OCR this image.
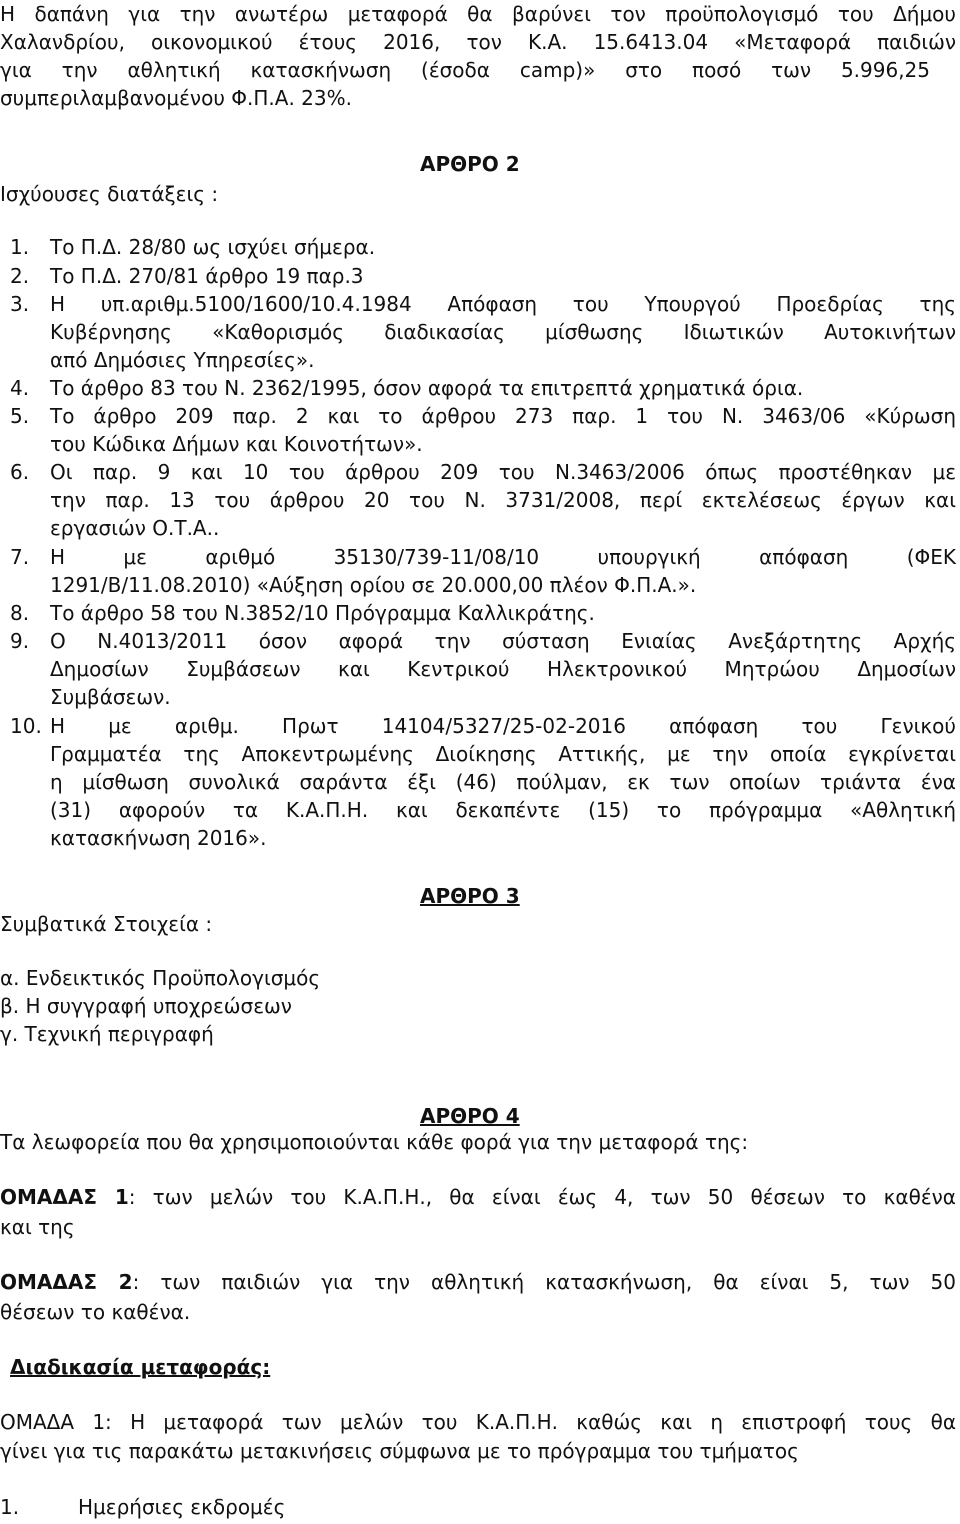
Η δαπάνη για την ανωτέρω μεταφορά θα βαρύνει τον προϋπολογισμό του Δήμου
Χαλανδρίου, οικονομικού έτους 2016, τον Κ.Α. 15.6413.04 «Μεταφορά παιδιών
για την αθλητική κατασκήνωση (έσοδα camp)» στο ποσό των 5.996,25
συμπεριλαμβανομένου Φ.Π.Α. 23%.
ΑΡΘΡΟ 2
Ισχύουσες διατάξεις :
1. Το Π.Δ. 28/80 ως ισχύει σήμερα.
2. Το Π.Δ. 270/81 άρθρο 19 παρ.3
3. Η υπ.αριθμ.5100/1600/10.4.1984 Απόφαση του Υπουργού Προεδρίας της
Κυβέρνησης «Καθορισμός διαδικασίας μίσθωσης Ιδιωτικών Αυτοκινήτων
από Δημόσιες Υπηρεσίες».
4. Το άρθρο 83 του Ν. 2362/1995, όσον αφορά τα επιτρεπτά χρηματικά όρια.
5. Το άρθρο 209 παρ. 2 και το άρθρου 273 παρ. 1 του Ν. 3463/06 «Κύρωση
του Κώδικα Δήμων και Κοινοτήτων».
6. Οι παρ. 9 και 10 του άρθρου 209 του Ν.3463/2006 όπως προστέθηκαν με
την παρ. 13 του άρθρου 20 του Ν. 3731/2008, περί εκτελέσεως έργων και
εργασιών Ο.Τ.Α..
7. Η με αριθμό 35130/739-11/08/10 υπουργική απόφαση (ΦΕΚ
1291/Β/11.08.2010) «Αύξηση ορίου σε 20.000,00 πλέον Φ.Π.Α.».
8. Το άρθρο 58 του Ν.3852/10 Πρόγραμμα Καλλικράτης.
9. Ο Ν.4013/2011 όσον αφορά την σύσταση Ενιαίας Ανεξάρτητης Αρχής
Δημοσίων Συμβάσεων και Κεντρικού Ηλεκτρονικού Μητρώου Δημοσίων
Συμβάσεων.
10. Η με αριθμ. Πρωτ 14104/5327/25-02-2016 απόφαση του Γενικού
Γραμματέα της Αποκεντρωμένης Διοίκησης Αττικής, με την οποία εγκρίνεται
η μίσθωση συνολικά σαράντα έξι (46) πούλμαν, εκ των οποίων τριάντα ένα
(31) αφορούν τα Κ.Α.Π.Η. και δεκαπέντε (15) το πρόγραμμα «Αθλητική
κατασκήνωση 2016».
ΑΡΘΡΟ 3
Συμβατικά Στοιχεία :
α. Ενδεικτικός Προϋπολογισμός
β. Η συγγραφή υποχρεώσεων
γ. Τεχνική περιγραφή
ΑΡΘΡΟ 4
Τα λεωφορεία που θα χρησιμοποιούνται κάθε φορά για την μεταφορά της:
ΟΜΑΔΑΣ 1: των μελών του Κ.Α.Π.Η., θα είναι έως 4, των 50 θέσεων το καθένα
και της
ΟΜΑΔΑΣ 2: των παιδιών για την αθλητική κατασκήνωση, θα είναι 5, των 50
θέσεων το καθένα.
Διαδικασία μεταφοράς:
ΟΜΑΔΑ 1: Η μεταφορά των μελών του Κ.Α.Π.Η. καθώς και η επιστροφή τους θα
γίνει για τις παρακάτω μετακινήσεις σύμφωνα με το πρόγραμμα του τμήματος
1.	Ημερήσιες εκδρομές
